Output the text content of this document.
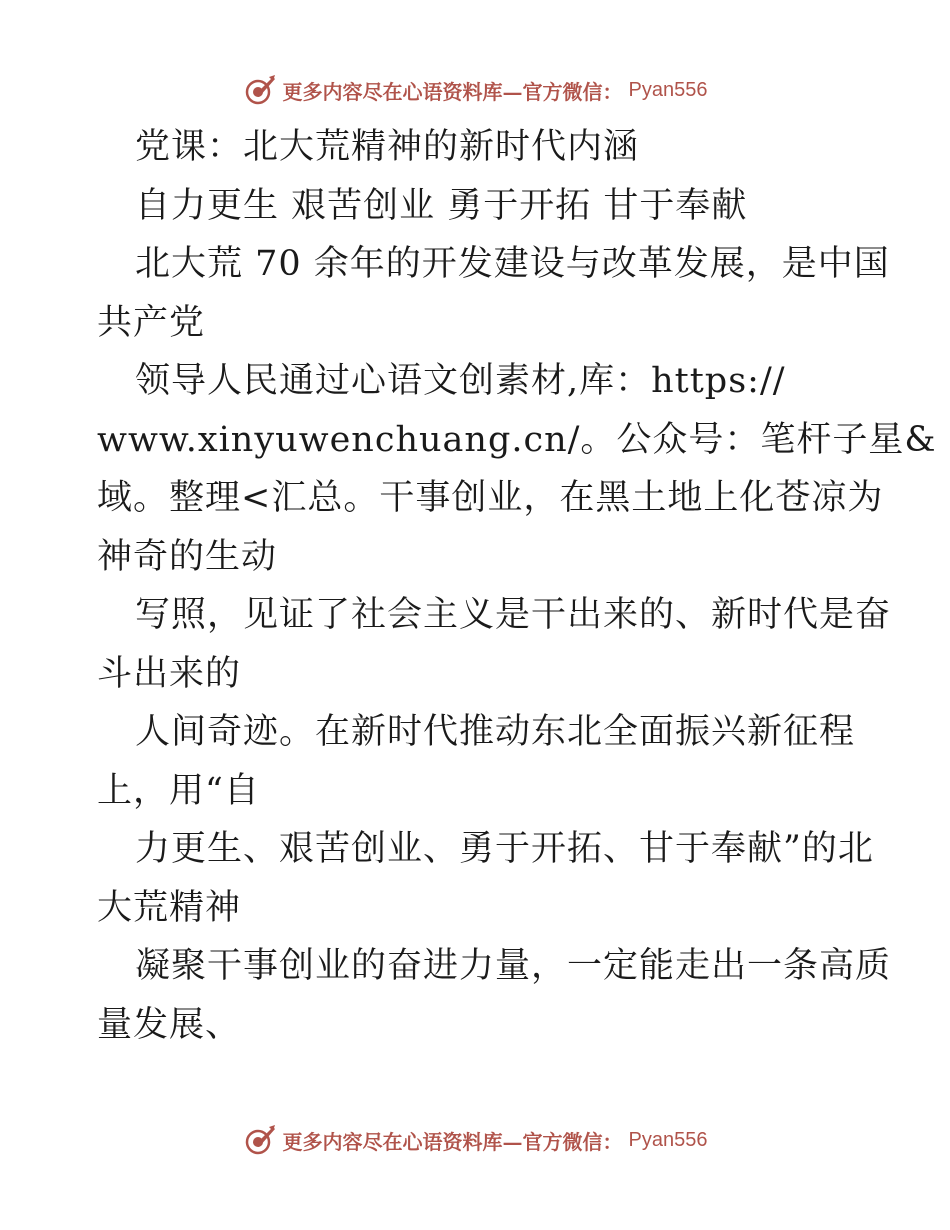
更多内容尽在心语资料库—官方微信： Pyan556
党课：北大荒精神的新时代内涵
自力更生 艰苦创业 勇于开拓 甘于奉献
北大荒 70 余年的开发建设与改革发展，是中国
共产党
领导人民通过心语文创素材,库：https://
www.xinyuwenchuang.cn/。公众号：笔杆子星&
域。整理<汇总。干事创业，在黑土地上化苍凉为
神奇的生动
写照，见证了社会主义是干出来的、新时代是奋
斗出来的
人间奇迹。在新时代推动东北全面振兴新征程
上，用“自
力更生、艰苦创业、勇于开拓、甘于奉献”的北
大荒精神
凝聚干事创业的奋进力量，一定能走出一条高质
量发展、
更多内容尽在心语资料库—官方微信： Pyan556
